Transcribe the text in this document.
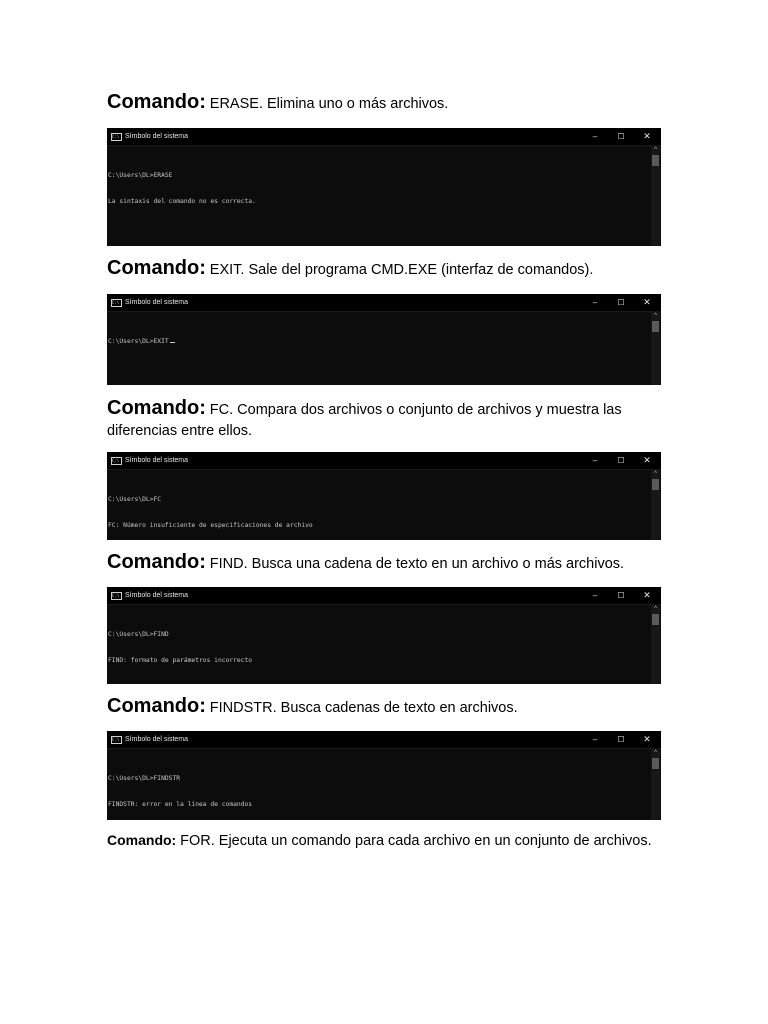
Comando: ERASE. Elimina uno o más archivos.
C:\ Símbolo del sistema	–	☐	✕

C:\Users\DL>ERASE

La sintaxis del comando no es correcta.

^
Comando: EXIT. Sale del programa CMD.EXE (interfaz de comandos).
C:\ Símbolo del sistema	–	☐	✕

C:\Users\DL>EXIT

^
Comando: FC. Compara dos archivos o conjunto de archivos y muestra las diferencias entre ellos.
C:\ Símbolo del sistema	–	☐	✕

C:\Users\DL>FC

FC: Número insuficiente de especificaciones de archivo

^
Comando: FIND. Busca una cadena de texto en un archivo o más archivos.
C:\ Símbolo del sistema	–	☐	✕

C:\Users\DL>FIND

FIND: formato de parámetros incorrecto

^
Comando: FINDSTR. Busca cadenas de texto en archivos.
C:\ Símbolo del sistema	–	☐	✕

C:\Users\DL>FINDSTR

FINDSTR: error en la línea de comandos

^
Comando: FOR. Ejecuta un comando para cada archivo en un conjunto de archivos.
